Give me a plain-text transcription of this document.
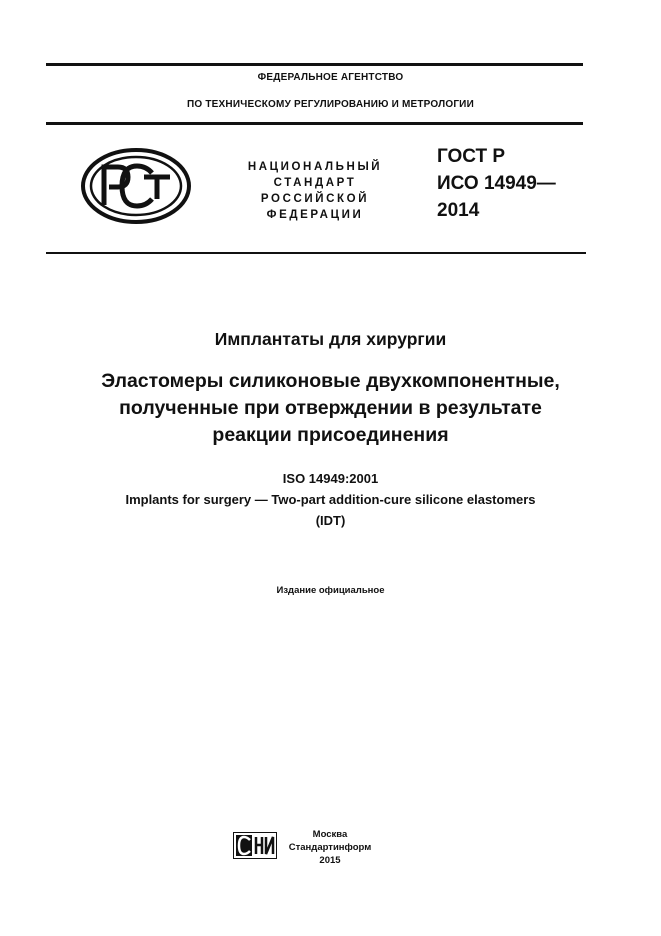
ФЕДЕРАЛЬНОЕ АГЕНТСТВО
ПО ТЕХНИЧЕСКОМУ РЕГУЛИРОВАНИЮ И МЕТРОЛОГИИ
НАЦИОНАЛЬНЫЙ
СТАНДАРТ
РОССИЙСКОЙ
ФЕДЕРАЦИИ
ГОСТ Р
ИСО 14949—
2014
Имплантаты для хирургии
Эластомеры силиконовые двухкомпонентные,
полученные при отверждении в результате
реакции присоединения
ISO 14949:2001
Implants for surgery — Two-part addition-cure silicone elastomers
(IDT)
Издание официальное
Москва
Стандартинформ
2015
